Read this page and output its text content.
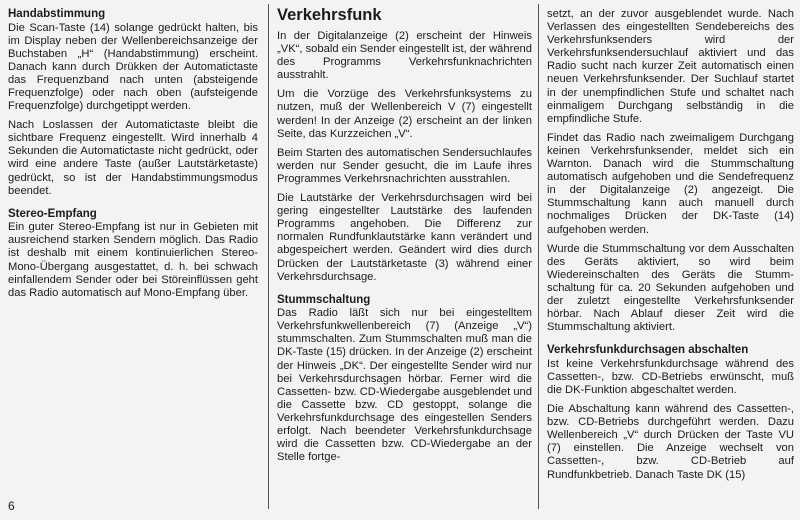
Handabstimmung

Die Scan-Taste (14) solange gedrückt halten, bis im Display neben der Wellenbereichsanzeige der Buchstaben „H“ (Handabstimmung) erscheint. Danach kann durch Drükken der Automatictaste das Frequenzband nach unten (absteigende Frequenzfolge) oder nach oben (aufsteigende Frequenzfolge) durchgetippt werden.

Nach Loslassen der Automatictaste bleibt die sichtbare Frequenz eingestellt. Wird innerhalb 4 Sekunden die Automatictaste nicht gedrückt, oder wird eine andere Taste (außer Lautstärketaste) gedrückt, so ist der Handabstimmungsmodus beendet.

Stereo-Empfang

Ein guter Stereo-Empfang ist nur in Gebieten mit ausreichend starken Sendern möglich. Das Radio ist deshalb mit einem kontinuierlichen Stereo-Mono-Übergang ausgestattet, d. h. bei schwach einfallendem Sender oder bei Störeinflüssen geht das Radio automatisch auf Mono-Empfang über.

Verkehrsfunk

In der Digitalanzeige (2) erscheint der Hinweis „VK“, sobald ein Sender eingestellt ist, der während des Programms Verkehrsfunknachrichten ausstrahlt.

Um die Vorzüge des Verkehrsfunksystems zu nutzen, muß der Wellenbereich V (7) eingestellt werden! In der Anzeige (2) erscheint an der linken Seite, das Kurzzeichen „V“.

Beim Starten des automatischen Sendersuchlaufes werden nur Sender gesucht, die im Laufe ihres Programmes Verkehrsnachrichten ausstrahlen.

Die Lautstärke der Verkehrsdurchsagen wird bei gering eingestellter Lautstärke des laufenden Programms angehoben. Die Differenz zur normalen Rundfunklautstärke kann verändert und abgespeichert werden. Geändert wird dies durch Drücken der Lautstärketaste (3) während einer Verkehrsdurchsage.

Stummschaltung

Das Radio läßt sich nur bei eingestelltem Verkehrsfunkwellenbereich (7) (Anzeige „V“) stummschalten. Zum Stummschalten muß man die DK-Taste (15) drücken. In der Anzeige (2) erscheint der Hinweis „DK“. Der eingestellte Sender wird nur bei Verkehrsdurchsagen hörbar. Ferner wird die Cassetten- bzw. CD-Wiedergabe ausgeblendet und die Cassette bzw. CD gestoppt, solange die Verkehrsfunkdurchsage des eingestellen Senders erfolgt. Nach beendeter Verkehrsfunkdurchsage wird die Cassetten bzw. CD-Wiedergabe an der Stelle fortge-

setzt, an der zuvor ausgeblendet wurde. Nach Verlassen des eingestellten Sendebereichs des Verkehrsfunksenders wird der Verkehrsfunksendersuchlauf aktiviert und das Radio sucht nach kurzer Zeit automatisch einen neuen Verkehrsfunksender. Der Suchlauf startet in der unempfindlichen Stufe und schaltet nach einmaligem Durchgang selbständig in die empfindliche Stufe.

Findet das Radio nach zweimaligem Durchgang keinen Verkehrsfunksender, meldet sich ein Warnton. Danach wird die Stummschaltung automatisch aufgehoben und die Sendefrequenz in der Digitalanzeige (2) angezeigt. Die Stummschaltung kann auch manuell durch nochmaliges Drücken der DK-Taste (14) aufgehoben werden.

Wurde die Stummschaltung vor dem Ausschalten des Geräts aktiviert, so wird beim Wiedereinschalten des Geräts die Stummschaltung für ca. 20 Sekunden aufgehoben und der zuletzt eingestellte Verkehrsfunksender hörbar. Nach Ablauf dieser Zeit wird die Stummschaltung aktiviert.

Verkehrsfunkdurchsagen abschalten

Ist keine Verkehrsfunkdurchsage während des Cassetten-, bzw. CD-Betriebs erwünscht, muß die DK-Funktion abgeschaltet werden.

Die Abschaltung kann während des Cassetten-, bzw. CD-Betriebs durchgeführt werden. Dazu Wellenbereich „V“ durch Drücken der Taste VU (7) einstellen. Die Anzeige wechselt von Cassetten-, bzw. CD-Betrieb auf Rundfunkbetrieb. Danach Taste DK (15)

6
